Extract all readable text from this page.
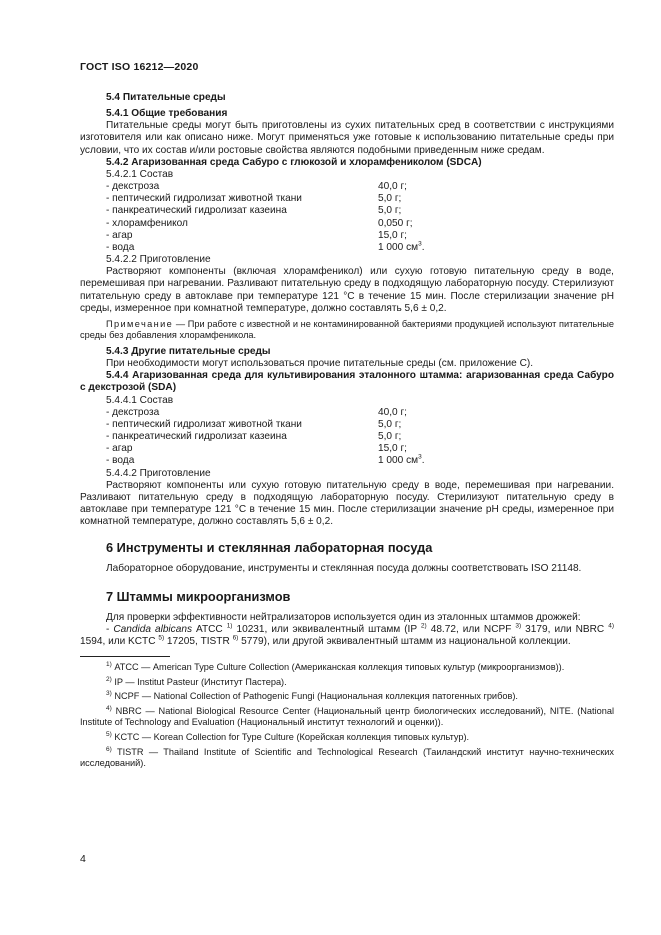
ГОСТ ISO 16212—2020

5.4 Питательные среды

5.4.1 Общие требования

Питательные среды могут быть приготовлены из сухих питательных сред в соответствии с инструкциями изготовителя или как описано ниже. Могут применяться уже готовые к использованию питательные среды при условии, что их состав и/или ростовые свойства являются подобными приведенным ниже средам.

5.4.2 Агаризованная среда Сабуро с глюкозой и хлорамфениколом (SDCA)

5.4.2.1 Состав

- декстроза	40,0 г;
- пептический гидролизат животной ткани	5,0 г;
- панкреатический гидролизат казеина	5,0 г;
- хлорамфеникол	0,050 г;
- агар	15,0 г;
- вода	1 000 $см^3$.

5.4.2.2 Приготовление

Растворяют компоненты (включая хлорамфеникол) или сухую готовую питательную среду в воде, перемешивая при нагревании. Разливают питательную среду в подходящую лабораторную посуду. Стерилизуют питательную среду в автоклаве при температуре 121 °С в течение 15 мин. После стерилизации значение pH среды, измеренное при комнатной температуре, должно составлять 5,6 ± 0,2.

Примечание — При работе с известной и не контаминированной бактериями продукцией используют питательные среды без добавления хлорамфеникола.

5.4.3 Другие питательные среды

При необходимости могут использоваться прочие питательные среды (см. приложение С).

5.4.4 Агаризованная среда для культивирования эталонного штамма: агаризованная среда Сабуро с декстрозой (SDA)

5.4.4.1 Состав

- декстроза	40,0 г;
- пептический гидролизат животной ткани	5,0 г;
- панкреатический гидролизат казеина	5,0 г;
- агар	15,0 г;
- вода	1 000 $см^3$.

5.4.4.2 Приготовление

Растворяют компоненты или сухую готовую питательную среду в воде, перемешивая при нагревании. Разливают питательную среду в подходящую лабораторную посуду. Стерилизуют питательную среду в автоклаве при температуре 121 °С в течение 15 мин. После стерилизации значение pH среды, измеренное при комнатной температуре, должно составлять 5,6 ± 0,2.

6 Инструменты и стеклянная лабораторная посуда

Лабораторное оборудование, инструменты и стеклянная посуда должны соответствовать ISO 21148.

7 Штаммы микроорганизмов

Для проверки эффективности нейтрализаторов используется один из эталонных штаммов дрожжей:

- Candida albicans АТСС $^{1)}$ 10231, или эквивалентный штамм (IP $^{2)}$ 48.72, или NCPF $^{3)}$ 3179, или NBRC $^{4)}$ 1594, или KCTC $^{5)}$ 17205, TISTR $^{6)}$ 5779), или другой эквивалентный штамм из национальной коллекции.

$^{1)}$ АТСС — American Type Culture Collection (Американская коллекция типовых культур (микроорганизмов)).

$^{2)}$ IP — Institut Pasteur (Институт Пастера).

$^{3)}$ NCPF — National Collection of Pathogenic Fungi (Национальная коллекция патогенных грибов).

$^{4)}$ NBRC — National Biological Resource Center (Национальный центр биологических исследований), NITE. (National Institute of Technology and Evaluation (Национальный институт технологий и оценки)).

$^{5)}$ KCTC — Korean Collection for Type Culture (Корейская коллекция типовых культур).

$^{6)}$ TISTR — Thailand Institute of Scientific and Technological Research (Таиландский институт научно-технических исследований).

4
